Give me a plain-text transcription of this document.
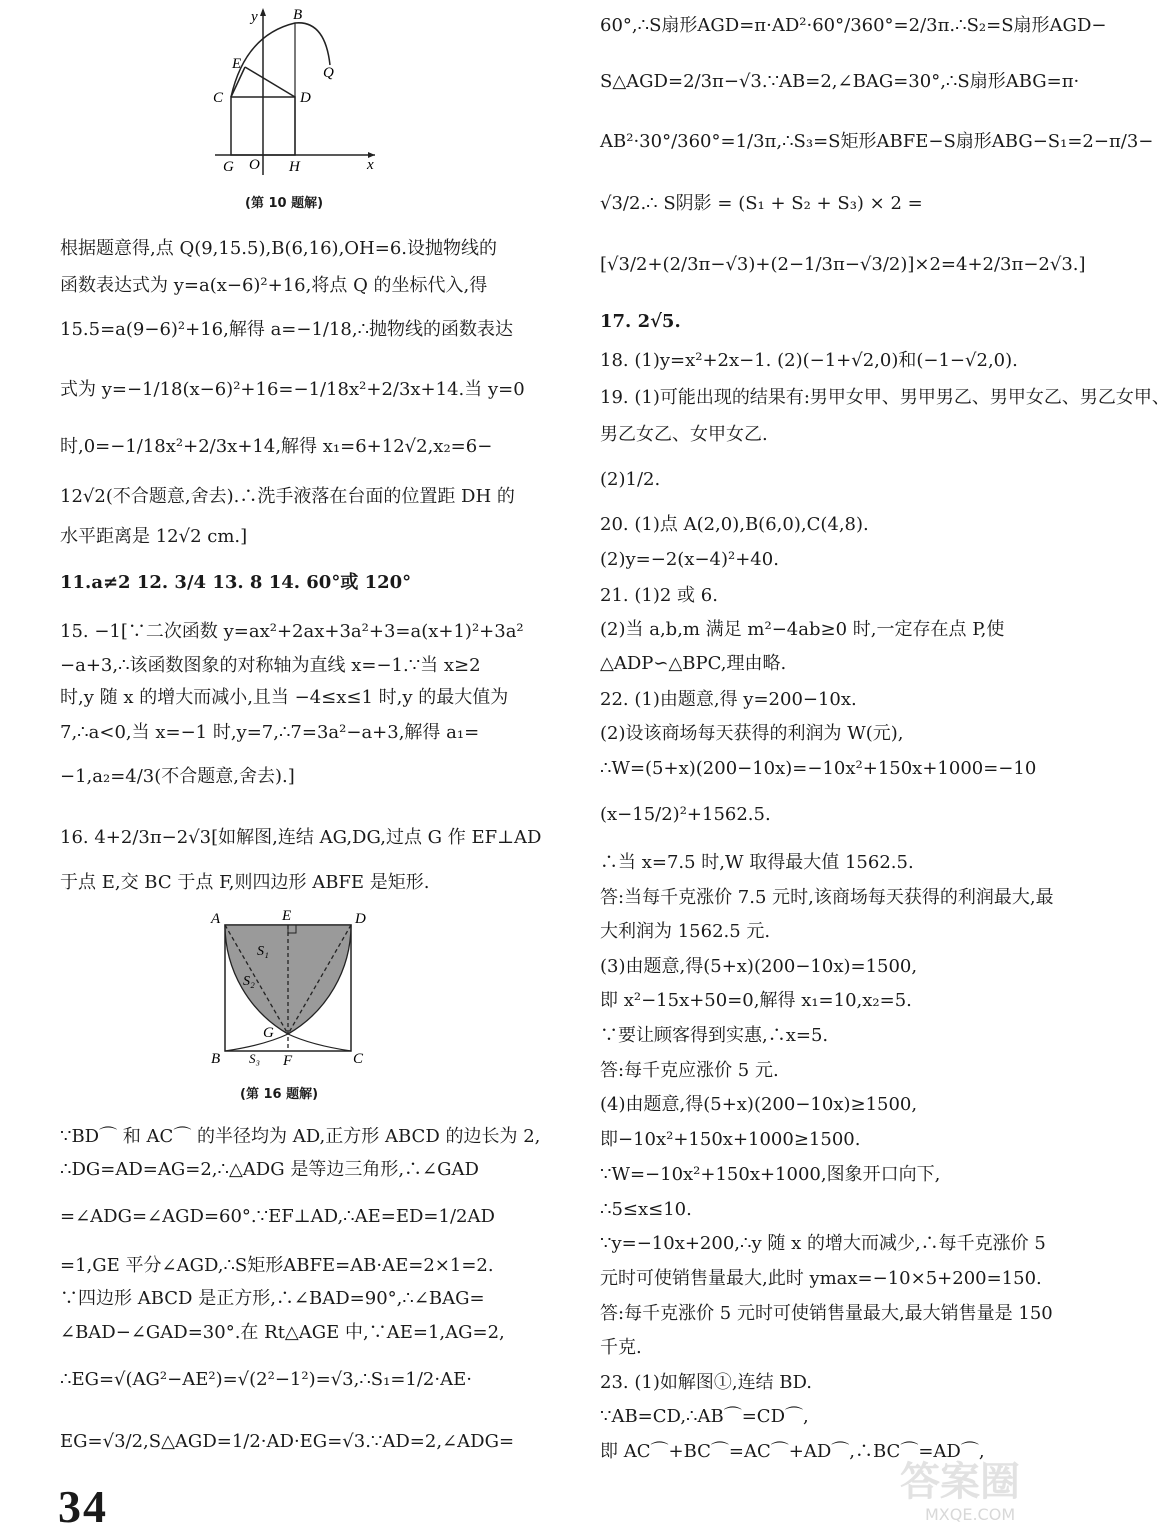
y B
E
Q
C	D
G O H	x
(第 10 题解)
根据题意得,点 Q(9,15.5),B(6,16),OH=6.设抛物线的
函数表达式为 y=a(x−6)²+16,将点 Q 的坐标代入,得
15.5=a(9−6)²+16,解得 a=−1/18,∴抛物线的函数表达
式为 y=−1/18(x−6)²+16=−1/18x²+2/3x+14.当 y=0
时,0=−1/18x²+2/3x+14,解得 x₁=6+12√2,x₂=6−
12√2(不合题意,舍去).∴洗手液落在台面的位置距 DH 的
水平距离是 12√2 cm.]
11.a≠2 12. 3/4 13. 8 14. 60°或 120°
15. −1[∵二次函数 y=ax²+2ax+3a²+3=a(x+1)²+3a²
−a+3,∴该函数图象的对称轴为直线 x=−1.∵当 x≥2
时,y 随 x 的增大而减小,且当 −4≤x≤1 时,y 的最大值为
7,∴a<0,当 x=−1 时,y=7,∴7=3a²−a+3,解得 a₁=
−1,a₂=4/3(不合题意,舍去).]
16. 4+2/3π−2√3[如解图,连结 AG,DG,过点 G 作 EF⊥AD
于点 E,交 BC 于点 F,则四边形 ABFE 是矩形.
A	E	D
S₁
S₂
G
B S₃ F	C
(第 16 题解)
∵BD⌒ 和 AC⌒ 的半径均为 AD,正方形 ABCD 的边长为 2,
∴DG=AD=AG=2,∴△ADG 是等边三角形,∴∠GAD
=∠ADG=∠AGD=60°.∵EF⊥AD,∴AE=ED=1/2AD
=1,GE 平分∠AGD,∴S矩形ABFE=AB·AE=2×1=2.
∵四边形 ABCD 是正方形,∴∠BAD=90°,∴∠BAG=
∠BAD−∠GAD=30°.在 Rt△AGE 中,∵AE=1,AG=2,
∴EG=√(AG²−AE²)=√(2²−1²)=√3,∴S₁=1/2·AE·
EG=√3/2,S△AGD=1/2·AD·EG=√3.∵AD=2,∠ADG=
60°,∴S扇形AGD=π·AD²·60°/360°=2/3π.∴S₂=S扇形AGD−
S△AGD=2/3π−√3.∵AB=2,∠BAG=30°,∴S扇形ABG=π·
AB²·30°/360°=1/3π,∴S₃=S矩形ABFE−S扇形ABG−S₁=2−π/3−
√3/2.∴ S阴影 = (S₁ + S₂ + S₃) × 2 =
[√3/2+(2/3π−√3)+(2−1/3π−√3/2)]×2=4+2/3π−2√3.]
17. 2√5.
18. (1)y=x²+2x−1. (2)(−1+√2,0)和(−1−√2,0).
19. (1)可能出现的结果有:男甲女甲、男甲男乙、男甲女乙、男乙女甲、
男乙女乙、女甲女乙.
(2)1/2.
20. (1)点 A(2,0),B(6,0),C(4,8).
(2)y=−2(x−4)²+40.
21. (1)2 或 6.
(2)当 a,b,m 满足 m²−4ab≥0 时,一定存在点 P,使
△ADP∽△BPC,理由略.
22. (1)由题意,得 y=200−10x.
(2)设该商场每天获得的利润为 W(元),
∴W=(5+x)(200−10x)=−10x²+150x+1000=−10
(x−15/2)²+1562.5.
∴当 x=7.5 时,W 取得最大值 1562.5.
答:当每千克涨价 7.5 元时,该商场每天获得的利润最大,最
大利润为 1562.5 元.
(3)由题意,得(5+x)(200−10x)=1500,
即 x²−15x+50=0,解得 x₁=10,x₂=5.
∵要让顾客得到实惠,∴x=5.
答:每千克应涨价 5 元.
(4)由题意,得(5+x)(200−10x)≥1500,
即−10x²+150x+1000≥1500.
∵W=−10x²+150x+1000,图象开口向下,
∴5≤x≤10.
∵y=−10x+200,∴y 随 x 的增大而减少,∴每千克涨价 5
元时可使销售量最大,此时 ymax=−10×5+200=150.
答:每千克涨价 5 元时可使销售量最大,最大销售量是 150
千克.
23. (1)如解图①,连结 BD.
∵AB=CD,∴AB⌒=CD⌒,
即 AC⌒+BC⌒=AC⌒+AD⌒,∴BC⌒=AD⌒,
34	答案圈
MXQE.COM
